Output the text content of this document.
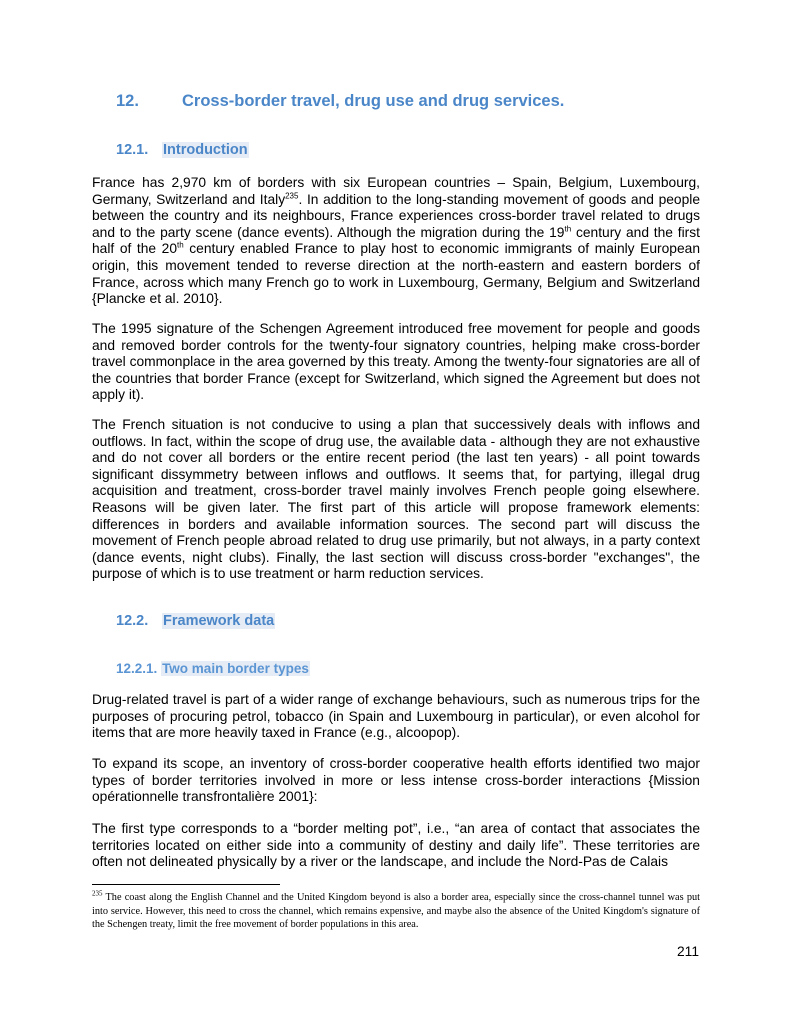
12.	Cross-border travel, drug use and drug services.
12.1. Introduction
France has 2,970 km of borders with six European countries – Spain, Belgium, Luxembourg, Germany, Switzerland and Italy$^{235}$. In addition to the long-standing movement of goods and people between the country and its neighbours, France experiences cross-border travel related to drugs and to the party scene (dance events). Although the migration during the 19th century and the first half of the 20th century enabled France to play host to economic immigrants of mainly European origin, this movement tended to reverse direction at the north-eastern and eastern borders of France, across which many French go to work in Luxembourg, Germany, Belgium and Switzerland {Plancke et al. 2010}.
The 1995 signature of the Schengen Agreement introduced free movement for people and goods and removed border controls for the twenty-four signatory countries, helping make cross-border travel commonplace in the area governed by this treaty. Among the twenty-four signatories are all of the countries that border France (except for Switzerland, which signed the Agreement but does not apply it).
The French situation is not conducive to using a plan that successively deals with inflows and outflows. In fact, within the scope of drug use, the available data - although they are not exhaustive and do not cover all borders or the entire recent period (the last ten years) - all point towards significant dissymmetry between inflows and outflows. It seems that, for partying, illegal drug acquisition and treatment, cross-border travel mainly involves French people going elsewhere. Reasons will be given later. The first part of this article will propose framework elements: differences in borders and available information sources. The second part will discuss the movement of French people abroad related to drug use primarily, but not always, in a party context (dance events, night clubs). Finally, the last section will discuss cross-border "exchanges", the purpose of which is to use treatment or harm reduction services.
12.2. Framework data
12.2.1. Two main border types
Drug-related travel is part of a wider range of exchange behaviours, such as numerous trips for the purposes of procuring petrol, tobacco (in Spain and Luxembourg in particular), or even alcohol for items that are more heavily taxed in France (e.g., alcoopop).
To expand its scope, an inventory of cross-border cooperative health efforts identified two major types of border territories involved in more or less intense cross-border interactions {Mission opérationnelle transfrontalière 2001}:
The first type corresponds to a “border melting pot”, i.e., “an area of contact that associates the territories located on either side into a community of destiny and daily life”. These territories are often not delineated physically by a river or the landscape, and include the Nord-Pas de Calais
$^{235}$ The coast along the English Channel and the United Kingdom beyond is also a border area, especially since the cross-channel tunnel was put into service. However, this need to cross the channel, which remains expensive, and maybe also the absence of the United Kingdom's signature of the Schengen treaty, limit the free movement of border populations in this area.
211
